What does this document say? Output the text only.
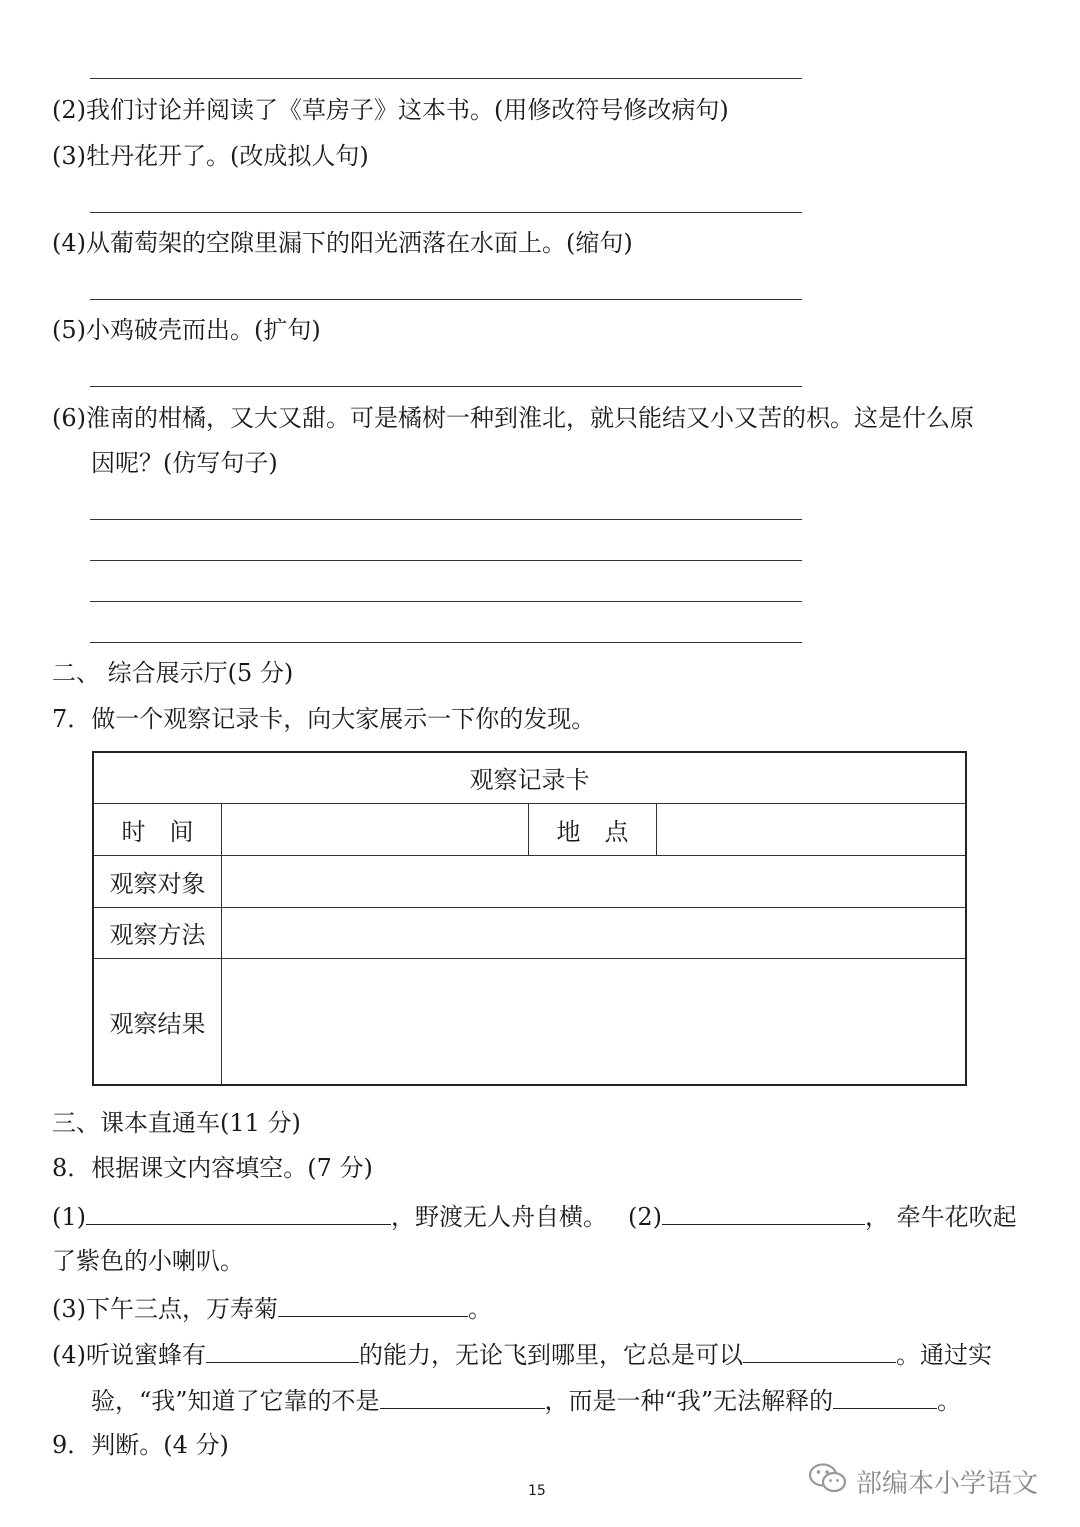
(2)我们讨论并阅读了《草房子》这本书。(用修改符号修改病句)
(3)牡丹花开了。(改成拟人句)
(4)从葡萄架的空隙里漏下的阳光洒落在水面上。(缩句)
(5)小鸡破壳而出。(扩句)
(6)淮南的柑橘，又大又甜。可是橘树一种到淮北，就只能结又小又苦的枳。这是什么原
因呢？(仿写句子)
二、 综合展示厅(5 分)
7．做一个观察记录卡，向大家展示一下你的发现。
观察记录卡			
时　间		地　点	
观察对象			
观察方法			
观察结果			
三、课本直通车(11 分)
8．根据课文内容填空。(7 分)
(1)	，野渡无人舟自横。 (2)	， 牵牛花吹起
了紫色的小喇叭。
(3)下午三点，万寿菊	。
(4)听说蜜蜂有	的能力，无论飞到哪里，它总是可以	。通过实
验，“我”知道了它靠的不是	，而是一种“我”无法解释的	。
9．判断。(4 分)
15	部编本小学语文
